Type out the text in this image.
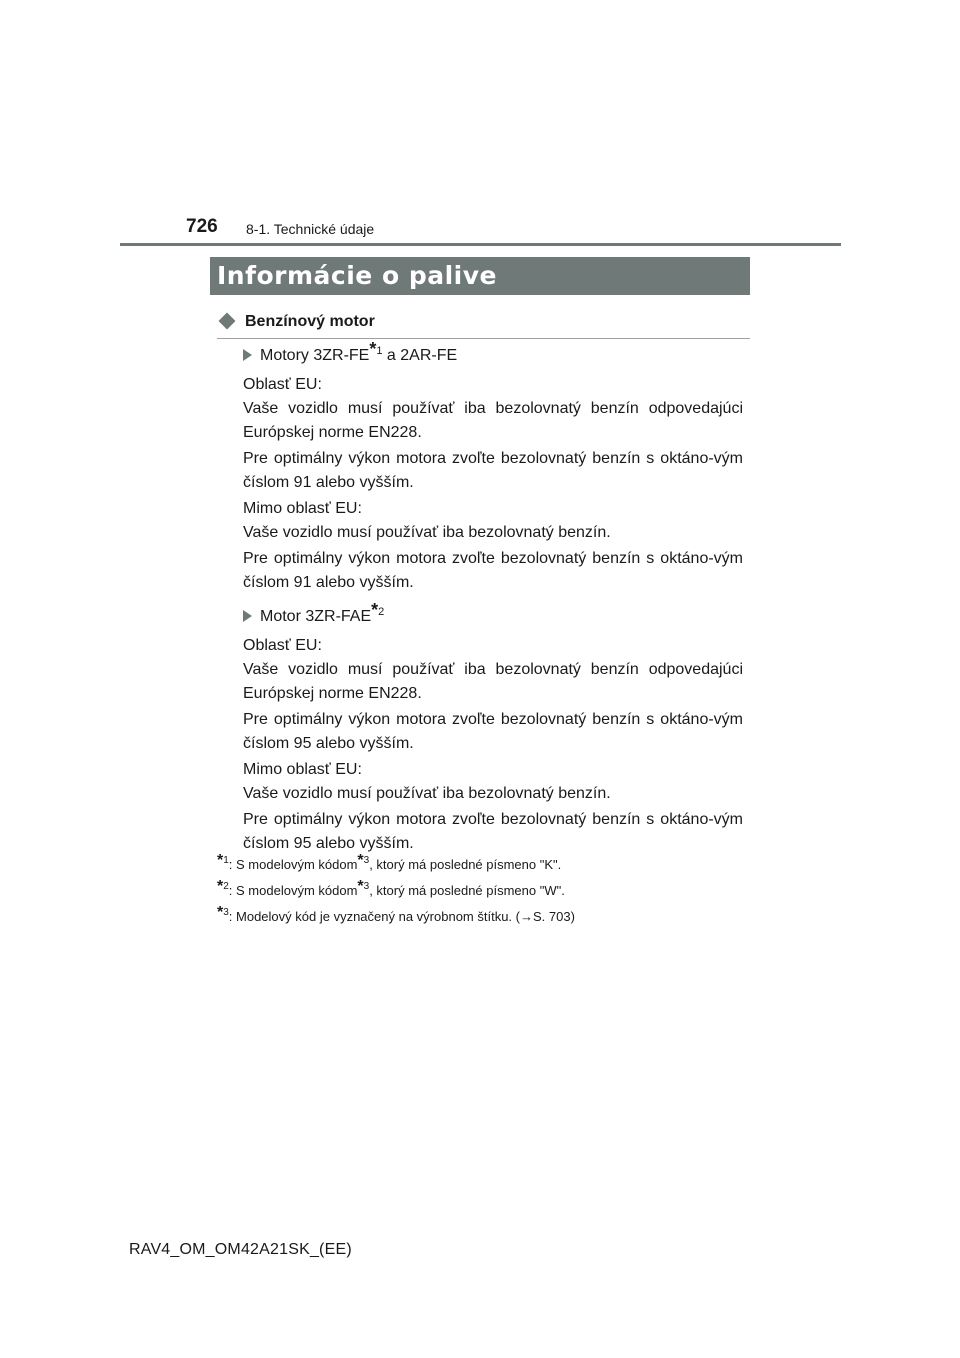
726 8-1. Technické údaje
Informácie o palive
Benzínový motor
Motory 3ZR-FE*$^1$ a 2AR-FE

Oblasť EU:

Vaše vozidlo musí používať iba bezolovnatý benzín odpovedajúci Európskej norme EN228.

Pre optimálny výkon motora zvoľte bezolovnatý benzín s oktáno-vým číslom 91 alebo vyšším.

Mimo oblasť EU:

Vaše vozidlo musí používať iba bezolovnatý benzín.

Pre optimálny výkon motora zvoľte bezolovnatý benzín s oktáno-vým číslom 91 alebo vyšším.

Motor 3ZR-FAE*$^2$

Oblasť EU:

Vaše vozidlo musí používať iba bezolovnatý benzín odpovedajúci Európskej norme EN228.

Pre optimálny výkon motora zvoľte bezolovnatý benzín s oktáno-vým číslom 95 alebo vyšším.

Mimo oblasť EU:

Vaše vozidlo musí používať iba bezolovnatý benzín.

Pre optimálny výkon motora zvoľte bezolovnatý benzín s oktáno-vým číslom 95 alebo vyšším.

*$^1$: S modelovým kódom*$^3$, ktorý má posledné písmeno "K".
*$^2$: S modelovým kódom*$^3$, ktorý má posledné písmeno "W".
*$^3$: Modelový kód je vyznačený na výrobnom štítku. (→S. 703)
RAV4_OM_OM42A21SK_(EE)
